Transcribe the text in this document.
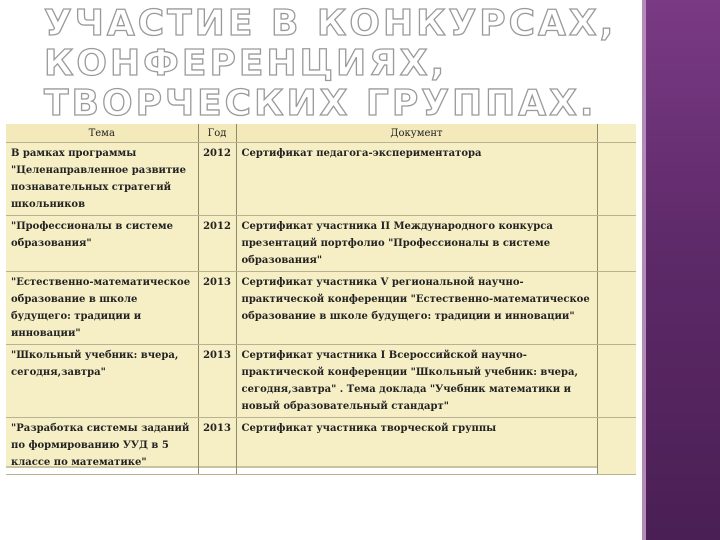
УЧАСТИЕ В КОНКУРСАХ, КОНФЕРЕНЦИЯХ, ТВОРЧЕСКИХ ГРУППАХ.
Тема	Год	Документ	
В рамках программы "Целенаправленное развитие познавательных стратегий школьников	2012	Сертификат педагога-экспериментатора	
"Профессионалы в системе образования"	2012	Сертификат участника II Международного конкурса презентаций портфолио "Профессионалы в системе образования"	
"Естественно-математическое образование в школе будущего: традиции и инновации"	2013	Сертификат участника V региональной научно-практической конференции "Естественно-математическое образование в школе будущего: традиции и инновации"	
"Школьный учебник: вчера, сегодня,завтра"	2013	Сертификат участника I Всероссийской научно-практической конференции "Школьный учебник: вчера, сегодня,завтра" . Тема доклада "Учебник математики и новый образовательный стандарт"	
"Разработка системы заданий по формированию УУД в 5 классе по математике"	2013	Сертификат участника творческой группы	
